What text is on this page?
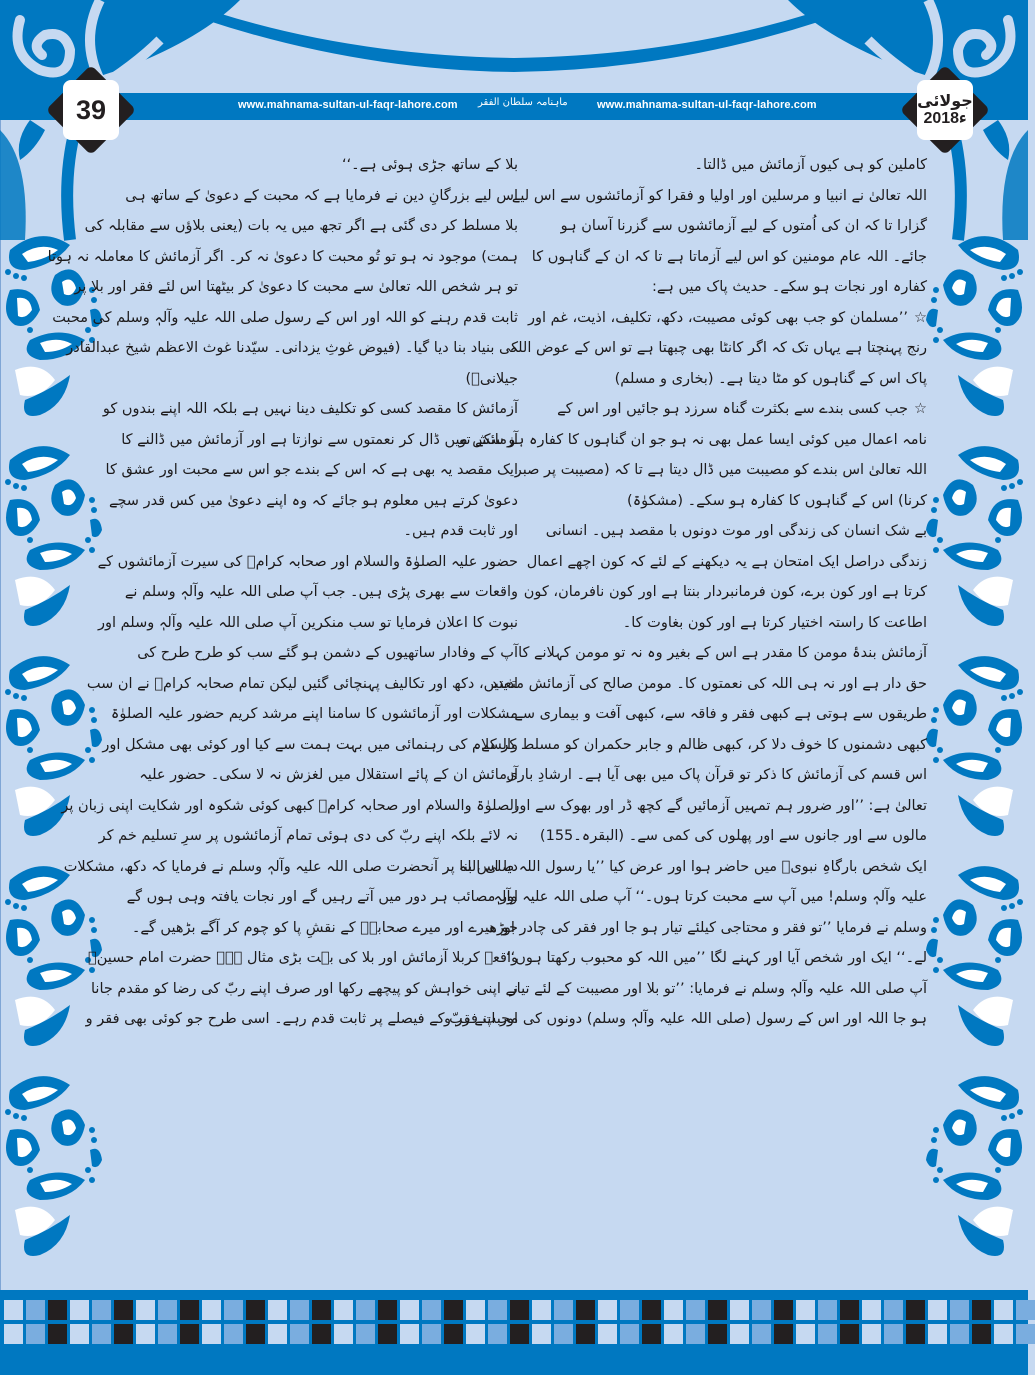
www.mahnama-sultan-ul-faqr-lahore.com ماہنامہ سلطان الفقر	www.mahnama-sultan-ul-faqr-lahore.com
39	جولائی
2018ء
کاملین کو ہی کیوں آزمائش میں ڈالتا۔
اللہ تعالیٰ نے انبیا و مرسلین اور اولیا و فقرا کو آزمائشوں سے اس لیے
گزارا تا کہ ان کی اُمتوں کے لیے آزمائشوں سے گزرنا آسان ہو
جائے۔ اللہ عام مومنین کو اس لیے آزماتا ہے تا کہ ان کے گناہوں کا
کفارہ اور نجات ہو سکے۔ حدیث پاک میں ہے:
☆’’مسلمان کو جب بھی کوئی مصیبت، دکھ، تکلیف، اذیت، غم اور
رنج پہنچتا ہے یہاں تک کہ اگر کانٹا بھی چبھتا ہے تو اس کے عوض اللہ
پاک اس کے گناہوں کو مٹا دیتا ہے۔ (بخاری و مسلم)
☆جب کسی بندے سے بکثرت گناہ سرزد ہو جائیں اور اس کے
نامہ اعمال میں کوئی ایسا عمل بھی نہ ہو جو ان گناہوں کا کفارہ ہو سکے تو
اللہ تعالیٰ اس بندے کو مصیبت میں ڈال دیتا ہے تا کہ (مصیبت پر صبر
کرنا) اس کے گناہوں کا کفارہ ہو سکے۔ (مشکوٰۃ)
بے شک انسان کی زندگی اور موت دونوں با مقصد ہیں۔ انسانی
زندگی دراصل ایک امتحان ہے یہ دیکھنے کے لئے کہ کون اچھے اعمال
کرتا ہے اور کون برے، کون فرمانبردار بنتا ہے اور کون نافرمان، کون
اطاعت کا راستہ اختیار کرتا ہے اور کون بغاوت کا۔
آزمائش بندۂ مومن کا مقدر ہے اس کے بغیر وہ نہ تو مومن کہلانے کا
حق دار ہے اور نہ ہی اللہ کی نعمتوں کا۔ مومن صالح کی آزمائش متعدد
طریقوں سے ہوتی ہے کبھی فقر و فاقہ سے، کبھی آفت و بیماری سے،
کبھی دشمنوں کا خوف دلا کر، کبھی ظالم و جابر حکمران کو مسلط کر کے۔
اس قسم کی آزمائش کا ذکر تو قرآن پاک میں بھی آیا ہے۔ ارشادِ باری
تعالیٰ ہے: ’’اور ضرور ہم تمہیں آزمائیں گے کچھ ڈر اور بھوک سے اور
مالوں سے اور جانوں سے اور پھلوں کی کمی سے۔ (البقرہ۔155)
ایک شخص بارگاہِ نبویؐ میں حاضر ہوا اور عرض کیا ’’یا رسول اللہ صلی اللہ
علیہ وآلہٖ وسلم! میں آپ سے محبت کرتا ہوں۔‘‘ آپ صلی اللہ علیہ وآلہٖ
وسلم نے فرمایا ’’تو فقر و محتاجی کیلئے تیار ہو جا اور فقر کی چادر اوڑھ
لے۔‘‘ ایک اور شخص آیا اور کہنے لگا ’’میں اللہ کو محبوب رکھتا ہوں‘‘
آپ صلی اللہ علیہ وآلہٖ وسلم نے فرمایا: ’’تو بلا اور مصیبت کے لئے تیار
ہو جا اللہ اور اس کے رسول (صلی اللہ علیہ وآلہٖ وسلم) دونوں کی محبت فقر و
بلا کے ساتھ جڑی ہوئی ہے۔‘‘
اس لیے بزرگانِ دین نے فرمایا ہے کہ محبت کے دعویٰ کے ساتھ ہی
بلا مسلط کر دی گئی ہے اگر تجھ میں یہ بات (یعنی بلاؤں سے مقابلہ کی
ہمت) موجود نہ ہو تو تُو محبت کا دعویٰ نہ کر۔ اگر آزمائش کا معاملہ نہ ہوتا
تو ہر شخص اللہ تعالیٰ سے محبت کا دعویٰ کر بیٹھتا اس لئے فقر اور بلا پر
ثابت قدم رہنے کو اللہ اور اس کے رسول صلی اللہ علیہ وآلہٖ وسلم کی محبت
کی بنیاد بنا دیا گیا۔ (فیوض غوثِ یزدانی۔ سیّدنا غوث الاعظم شیخ عبدالقادر
جیلانیؓ)
آزمائش کا مقصد کسی کو تکلیف دینا نہیں ہے بلکہ اللہ اپنے بندوں کو
آزمائش میں ڈال کر نعمتوں سے نوازتا ہے اور آزمائش میں ڈالنے کا
ایک مقصد یہ بھی ہے کہ اس کے بندے جو اس سے محبت اور عشق کا
دعویٰ کرتے ہیں معلوم ہو جائے کہ وہ اپنے دعویٰ میں کس قدر سچے
اور ثابت قدم ہیں۔
حضور علیہ الصلوٰۃ والسلام اور صحابہ کرامؓ کی سیرت آزمائشوں کے
واقعات سے بھری پڑی ہیں۔ جب آپ صلی اللہ علیہ وآلہٖ وسلم نے
نبوت کا اعلان فرمایا تو سب منکرین آپ صلی اللہ علیہ وآلہٖ وسلم اور
آپ کے وفادار ساتھیوں کے دشمن ہو گئے سب کو طرح طرح کی
اذیتیں، دکھ اور تکالیف پہنچائی گئیں لیکن تمام صحابہ کرامؓ نے ان سب
مشکلات اور آزمائشوں کا سامنا اپنے مرشد کریم حضور علیہ الصلوٰۃ
والسلام کی رہنمائی میں بہت ہمت سے کیا اور کوئی بھی مشکل اور
آزمائش ان کے پائے استقلال میں لغزش نہ لا سکی۔ حضور علیہ
الصلوٰۃ والسلام اور صحابہ کرامؓ کبھی کوئی شکوہ اور شکایت اپنی زبان پر
نہ لائے بلکہ اپنے ربّ کی دی ہوئی تمام آزمائشوں پر سرِ تسلیم خم کر
دیا اس بنا پر آنحضرت صلی اللہ علیہ وآلہٖ وسلم نے فرمایا کہ دکھ، مشکلات
اور مصائب ہر دور میں آتے رہیں گے اور نجات یافتہ وہی ہوں گے
جو میرے اور میرے صحابہؓ کے نقشِ پا کو چوم کر آگے بڑھیں گے۔
واقعہ کربلا آزمائش اور بلا کی بہت بڑی مثال ہے۔ حضرت امام حسینؓ
نے اپنی خواہش کو پیچھے رکھا اور صرف اپنے ربّ کی رضا کو مقدم جانا
اور اپنے ربّ کے فیصلے پر ثابت قدم رہے۔ اسی طرح جو کوئی بھی فقر و
